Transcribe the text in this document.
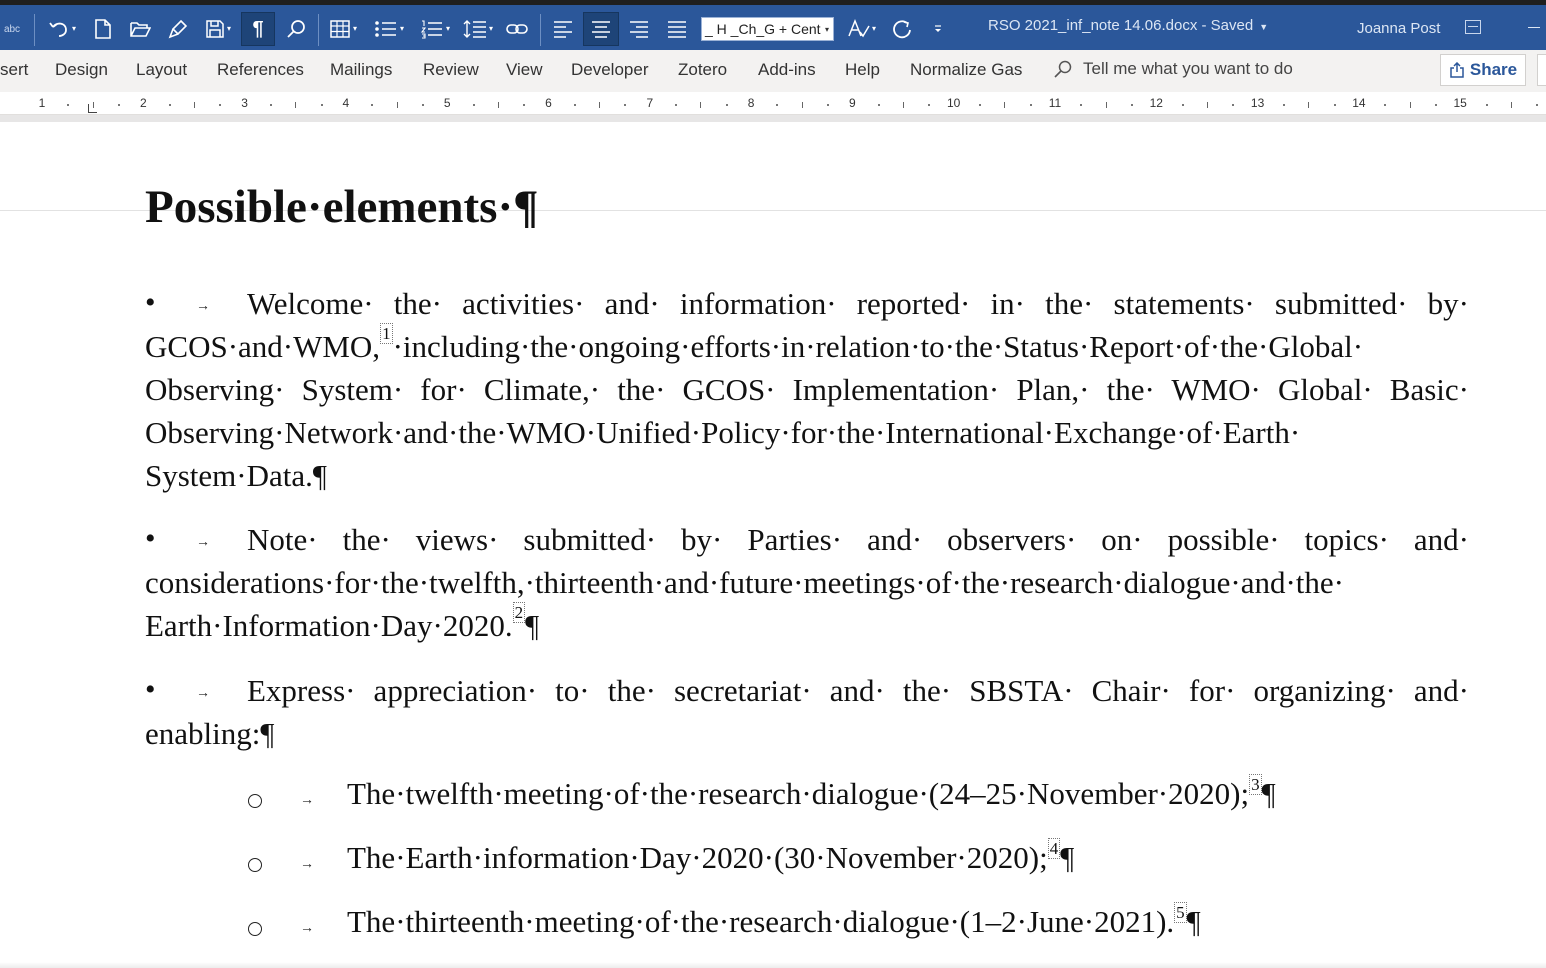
abc	▾	▾ ¶	▾	▾	▾	▾	_ H _Ch_G + Cent ▾	▾	RSO 2021_inf_note 14.06.docx - Saved ▼	Joanna Post
sert Design Layout References Mailings Review View Developer Zotero Add-ins Help Normalize Gas	Tell me what you want to do	Share
1	2	3	4	5	6	7	8	9	10	11	12	13	14	15
Possible·elements·¶
•	→	Welcome· the· activities· and· information· reported· in· the· statements· submitted· by· GCOS·and·WMO, $^1$·including·the·ongoing·efforts·in·relation·to·the·Status·Report·of·the·Global· Observing· System· for· Climate,· the· GCOS· Implementation· Plan,· the· WMO· Global· Basic· Observing·Network·and·the·WMO·Unified·Policy·for·the·International·Exchange·of·Earth· System·Data.¶
•	→	Note· the· views· submitted· by· Parties· and· observers· on· possible· topics· and· considerations·for·the·twelfth,·thirteenth·and·future·meetings·of·the·research·dialogue·and·the· Earth·Information·Day·2020. $^2$¶
•	→	Express· appreciation· to· the· secretariat· and· the· SBSTA· Chair· for· organizing· and· enabling:¶
→ The·twelfth·meeting·of·the·research·dialogue·(24–25·November·2020); $^3$¶
→ The·Earth·information·Day·2020·(30·November·2020); $^4$¶
→ The·thirteenth·meeting·of·the·research·dialogue·(1–2·June·2021). $^5$¶
